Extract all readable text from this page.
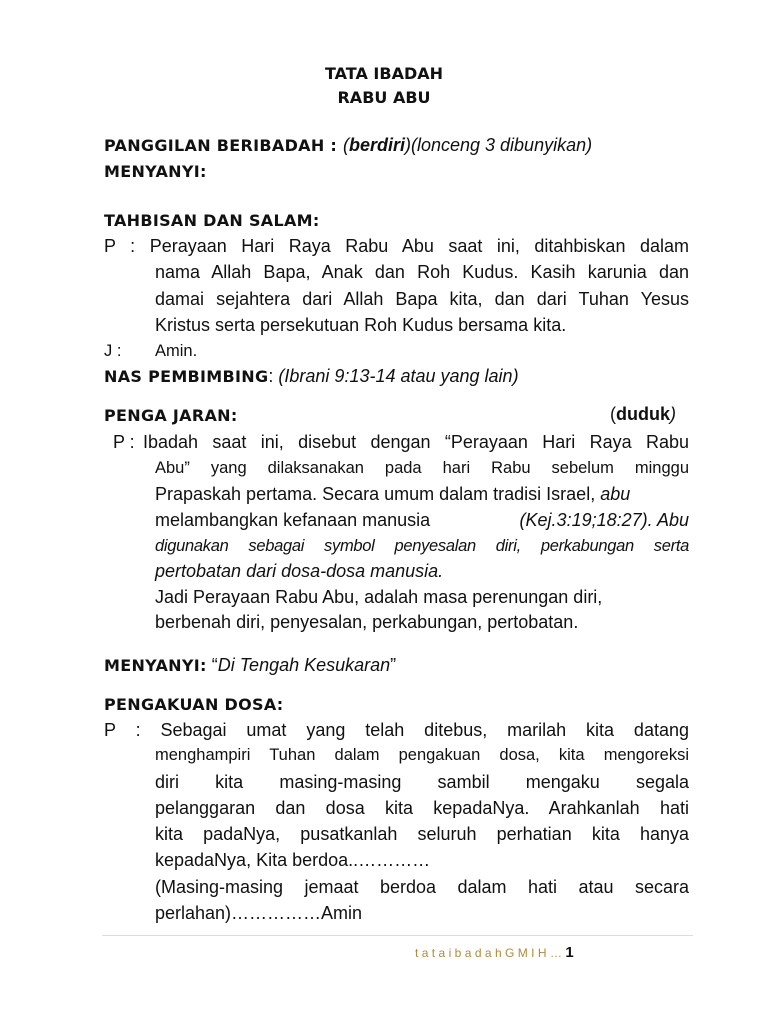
TATA IBADAH
RABU ABU
PANGGILAN BERIBADAH : (berdiri)(lonceng 3 dibunyikan)
MENYANYI:
TAHBISAN DAN SALAM:
P : Perayaan Hari Raya Rabu Abu saat ini, ditahbiskan dalam
nama Allah Bapa, Anak dan Roh Kudus. Kasih karunia dan
damai sejahtera dari Allah Bapa kita, dan dari Tuhan Yesus
Kristus serta persekutuan Roh Kudus bersama kita.
J : Amin.
NAS PEMBIMBING: (Ibrani 9:13-14 atau yang lain)
PENGA JARAN:	(duduk)
P : Ibadah saat ini, disebut dengan “Perayaan Hari Raya Rabu
Abu” yang dilaksanakan pada hari Rabu sebelum minggu
Prapaskah pertama. Secara umum dalam tradisi Israel, abu
melambangkan kefanaan manusia	(Kej.3:19;18:27). Abu
digunakan sebagai symbol penyesalan diri, perkabungan serta
pertobatan dari dosa-dosa manusia.
Jadi Perayaan Rabu Abu, adalah masa perenungan diri,
berbenah diri, penyesalan, perkabungan, pertobatan.
MENYANYI: “Di Tengah Kesukaran”
PENGAKUAN DOSA:
P : Sebagai umat yang telah ditebus, marilah kita datang
menghampiri Tuhan dalam pengakuan dosa, kita mengoreksi
diri kita masing-masing sambil mengaku segala
pelanggaran dan dosa kita kepadaNya. Arahkanlah hati
kita padaNya, pusatkanlah seluruh perhatian kita hanya
kepadaNya, Kita berdoa..…………
(Masing-masing jemaat berdoa dalam hati atau secara
perlahan)……………Amin
tataibadahGMIH…1
